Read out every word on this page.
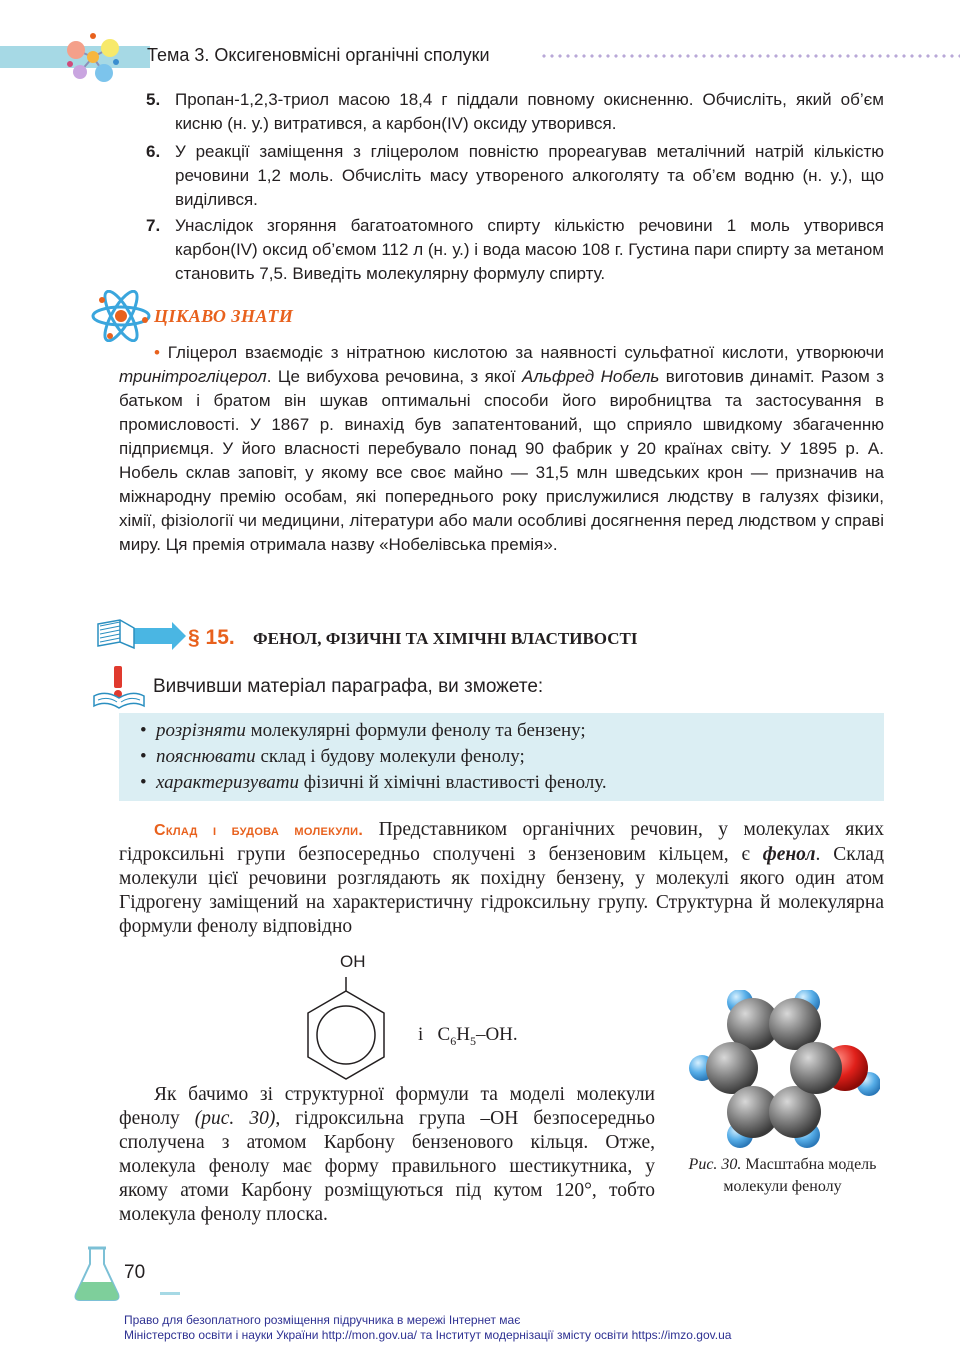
Тема 3. Оксигеновмісні органічні сполуки
5. Пропан-1,2,3-триол масою 18,4 г піддали повному окисненню. Обчисліть, який об’єм кисню (н. у.) витратився, а карбон(IV) оксиду утворився.
6. У реакції заміщення з гліцеролом повністю прореагував металічний натрій кількістю речовини 1,2 моль. Обчисліть масу утвореного алкоголяту та об’єм водню (н. у.), що виділився.
7. Унаслідок згоряння багатоатомного спирту кількістю речовини 1 моль утворився карбон(IV) оксид об’ємом 112 л (н. у.) і вода масою 108 г. Густина пари спирту за метаном становить 7,5. Виведіть молекулярну формулу спирту.
ЦІКАВО ЗНАТИ
• Гліцерол взаємодіє з нітратною кислотою за наявності сульфатної кислоти, утворюючи тринітрогліцерол. Це вибухова речовина, з якої Альфред Нобель виготовив динаміт. Разом з батьком і братом він шукав оптимальні способи його виробництва та застосування в промисловості. У 1867 р. винахід був запатентований, що сприяло швидкому збагаченню підприємця. У його власності перебувало понад 90 фабрик у 20 країнах світу. У 1895 р. А. Нобель склав заповіт, у якому все своє майно — 31,5 млн шведських крон — призначив на міжнародну премію особам, які попереднього року прислужилися людству в галузях фізики, хімії, фізіології чи медицини, літератури або мали особливі досягнення перед людством у справі миру. Ця премія отримала назву «Нобелівська премія».
§ 15. ФЕНОЛ, ФІЗИЧНІ ТА ХІМІЧНІ ВЛАСТИВОСТІ
Вивчивши матеріал параграфа, ви зможете:
• розрізняти молекулярні формули фенолу та бензену;
• пояснювати склад і будову молекули фенолу;
• характеризувати фізичні й хімічні властивості фенолу.

Склад і будова молекули. Представником органічних речовин, у молекулах яких гідроксильні групи безпосередньо сполучені з бензеновим кільцем, є фенол. Склад молекули цієї речовини розглядають як похідну бензену, у молекулі якого один атом Гідрогену заміщений на характеристичну гідроксильну групу. Структурна й молекулярна формули фенолу відповідно

OH
і $C_6H_5-OH$.
Рис. 30. Масштабна модель молекули фенолу

Як бачимо зі структурної формули та моделі молекули фенолу (рис. 30), гідроксильна група –OH безпосередньо сполучена з атомом Карбону бензенового кільця. Отже, молекула фенолу має форму правильного шестикутника, у якому атоми Карбону розміщуються під кутом 120°, тобто молекула фенолу плоска.

70
Право для безоплатного розміщення підручника в мережі Інтернет має
Міністерство освіти і науки України http://mon.gov.ua/ та Інститут модернізації змісту освіти https://imzo.gov.ua
